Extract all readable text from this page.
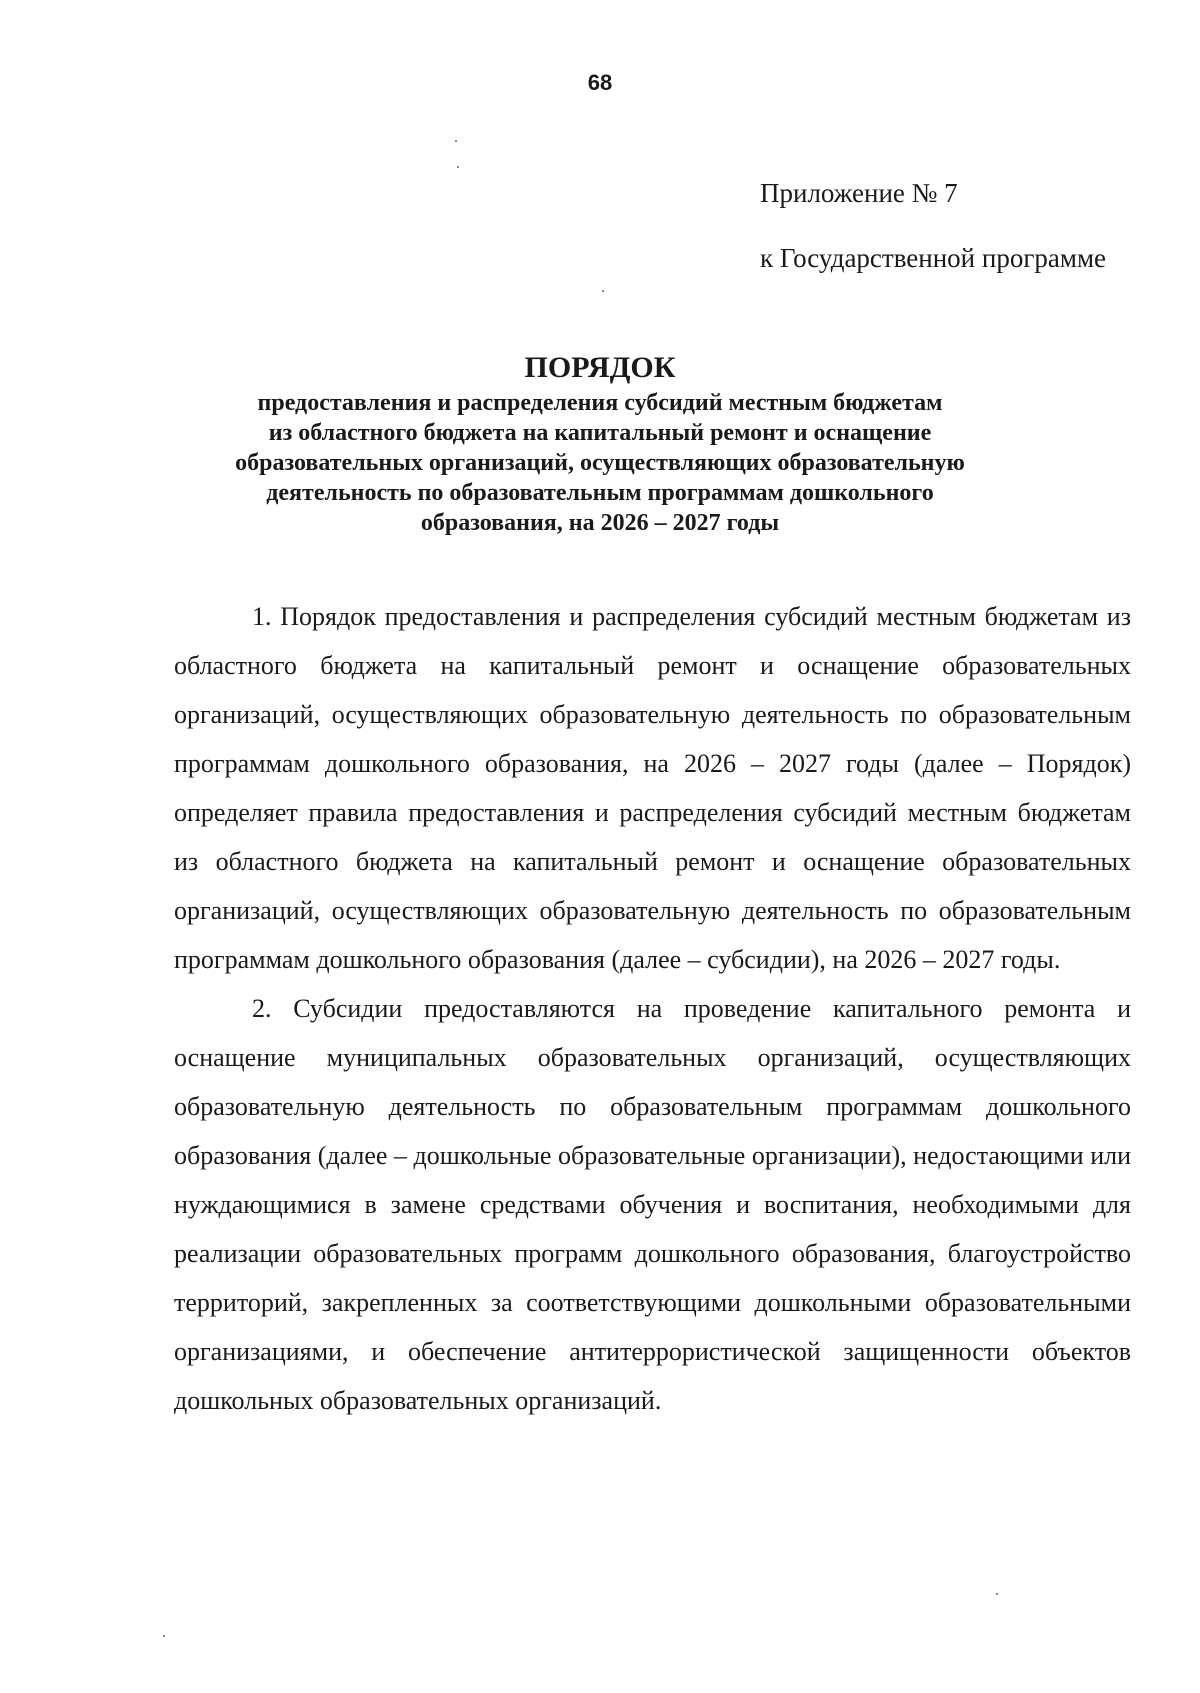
68
Приложение № 7
к Государственной программе
ПОРЯДОК
предоставления и распределения субсидий местным бюджетам
из областного бюджета на капитальный ремонт и оснащение
образовательных организаций, осуществляющих образовательную
деятельность по образовательным программам дошкольного
образования, на 2026 – 2027 годы

1. Порядок предоставления и распределения субсидий местным бюджетам из областного бюджета на капитальный ремонт и оснащение образовательных организаций, осуществляющих образовательную деятельность по образовательным программам дошкольного образования, на 2026 – 2027 годы (далее – Порядок) определяет правила предоставления и распределения субсидий местным бюджетам из областного бюджета на капитальный ремонт и оснащение образовательных организаций, осуществляющих образовательную деятельность по образовательным программам дошкольного образования (далее – субсидии), на 2026 – 2027 годы.

2. Субсидии предоставляются на проведение капитального ремонта и оснащение муниципальных образовательных организаций, осуществляющих образовательную деятельность по образовательным программам дошкольного образования (далее – дошкольные образовательные организации), недостающими или нуждающимися в замене средствами обучения и воспитания, необходимыми для реализации образовательных программ дошкольного образования, благоустройство территорий, закрепленных за соответствующими дошкольными образовательными организациями, и обеспечение антитеррористической защищенности объектов дошкольных образовательных организаций.
